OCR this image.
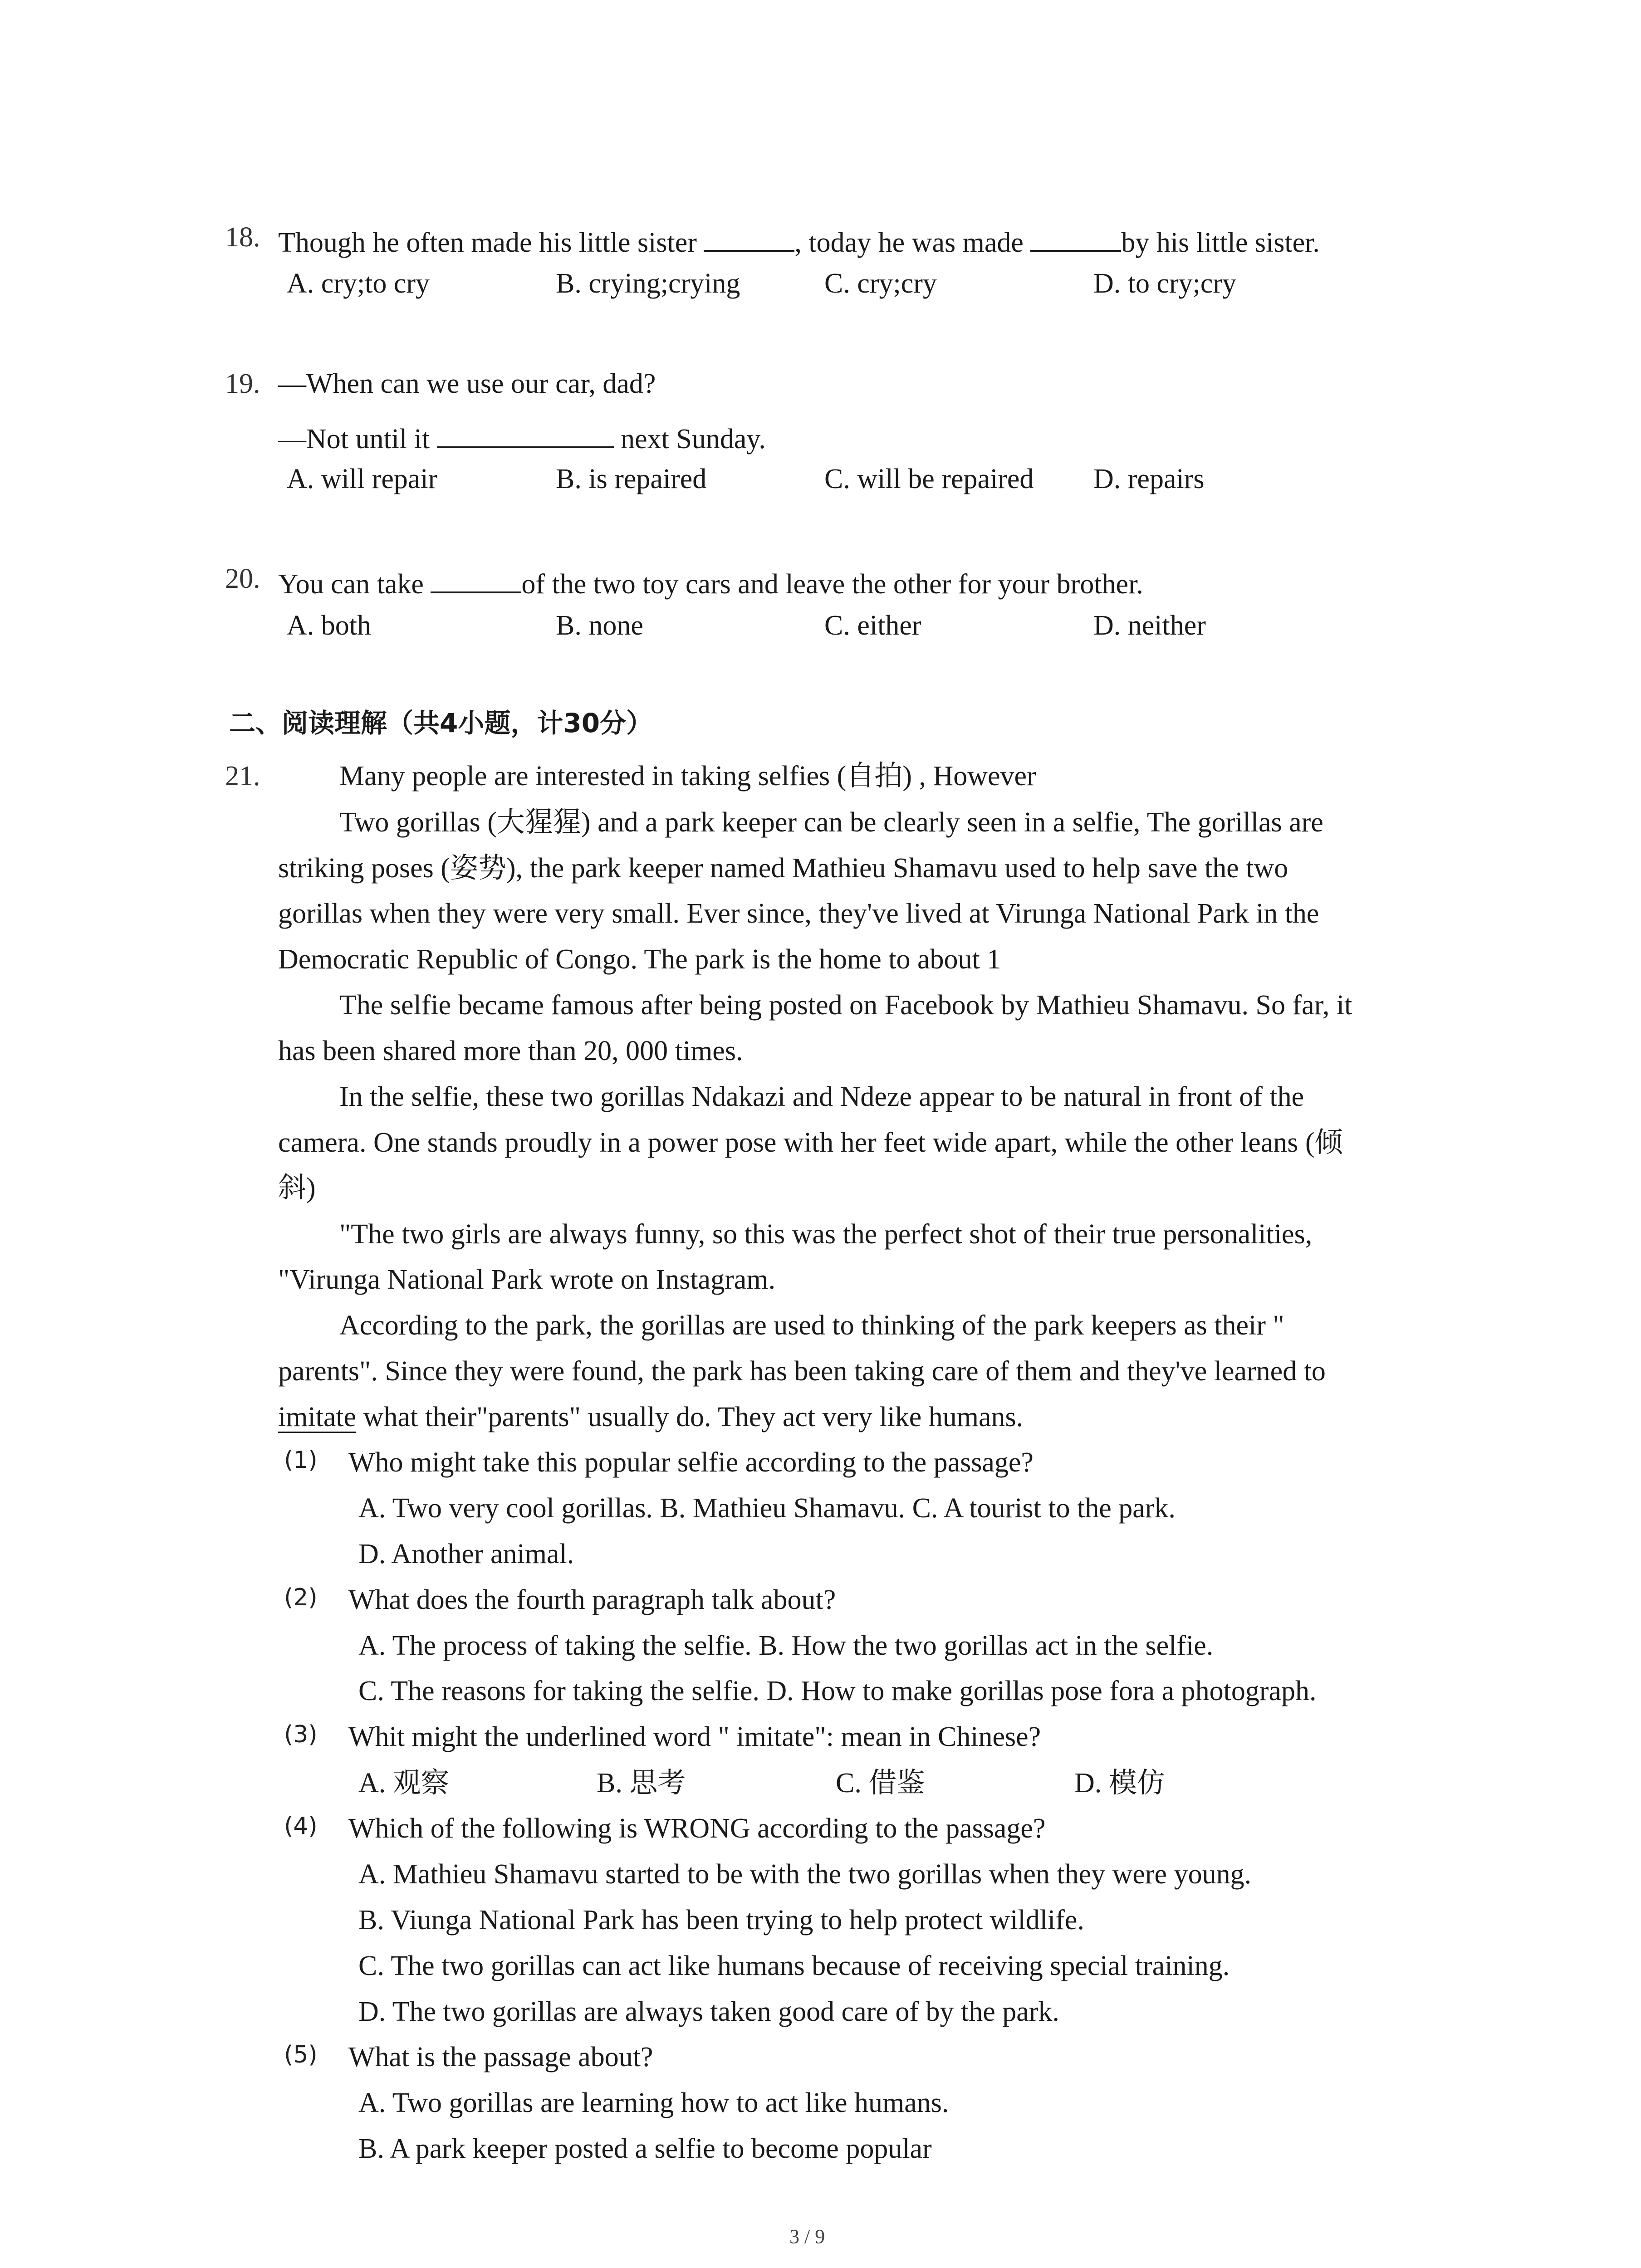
18. Though he often made his little sister	, today he was made	by his little sister.
A. cry;to cry	B. crying;crying	C. cry;cry	D. to cry;cry
19. —When can we use our car, dad?
—Not until it	next Sunday.
A. will repair	B. is repaired	C. will be repaired D. repairs
20. You can take	of the two toy cars and leave the other for your brother.
A. both	B. none	C. either	D. neither
二、阅读理解（共4小题，计30分）
21.	Many people are interested in taking selfies (自拍) , However
Two gorillas (大猩猩) and a park keeper can be clearly seen in a selfie, The gorillas are
striking poses (姿势), the park keeper named Mathieu Shamavu used to help save the two
gorillas when they were very small. Ever since, they've lived at Virunga National Park in the
Democratic Republic of Congo. The park is the home to about 1
The selfie became famous after being posted on Facebook by Mathieu Shamavu. So far, it
has been shared more than 20, 000 times.
In the selfie, these two gorillas Ndakazi and Ndeze appear to be natural in front of the
camera. One stands proudly in a power pose with her feet wide apart, while the other leans (倾
斜)
"The two girls are always funny, so this was the perfect shot of their true personalities,
"Virunga National Park wrote on Instagram.
According to the park, the gorillas are used to thinking of the park keepers as their "
parents". Since they were found, the park has been taking care of them and they've learned to
imitate what their"parents" usually do. They act very like humans.
(1) Who might take this popular selfie according to the passage?
A. Two very cool gorillas. B. Mathieu Shamavu. C. A tourist to the park.
D. Another animal.
(2) What does the fourth paragraph talk about?
A. The process of taking the selfie. B. How the two gorillas act in the selfie.
C. The reasons for taking the selfie. D. How to make gorillas pose fora a photograph.
(3) Whit might the underlined word " imitate": mean in Chinese?
A. 观察	B. 思考	C. 借鉴	D. 模仿
(4) Which of the following is WRONG according to the passage?
A. Mathieu Shamavu started to be with the two gorillas when they were young.
B. Viunga National Park has been trying to help protect wildlife.
C. The two gorillas can act like humans because of receiving special training.
D. The two gorillas are always taken good care of by the park.
(5) What is the passage about?
A. Two gorillas are learning how to act like humans.
B. A park keeper posted a selfie to become popular
3 / 9
